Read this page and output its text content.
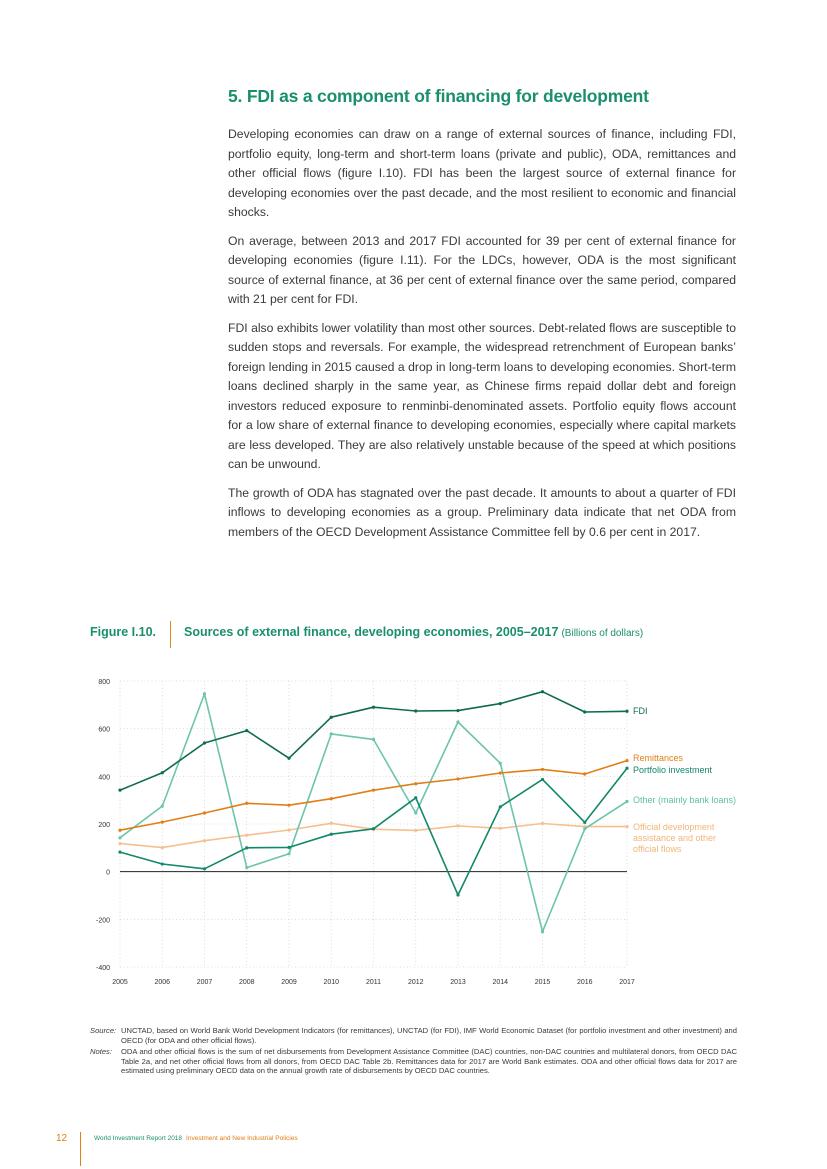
5. FDI as a component of financing for development

Developing economies can draw on a range of external sources of finance, including FDI, portfolio equity, long-term and short-term loans (private and public), ODA, remittances and other official flows (figure I.10). FDI has been the largest source of external finance for developing economies over the past decade, and the most resilient to economic and financial shocks.

On average, between 2013 and 2017 FDI accounted for 39 per cent of external finance for developing economies (figure I.11). For the LDCs, however, ODA is the most significant source of external finance, at 36 per cent of external finance over the same period, compared with 21 per cent for FDI.

FDI also exhibits lower volatility than most other sources. Debt-related flows are susceptible to sudden stops and reversals. For example, the widespread retrenchment of European banks’ foreign lending in 2015 caused a drop in long-term loans to developing economies. Short-term loans declined sharply in the same year, as Chinese firms repaid dollar debt and foreign investors reduced exposure to renminbi-denominated assets. Portfolio equity flows account for a low share of external finance to developing economies, especially where capital markets are less developed. They are also relatively unstable because of the speed at which positions can be unwound.

The growth of ODA has stagnated over the past decade. It amounts to about a quarter of FDI inflows to developing economies as a group. Preliminary data indicate that net ODA from members of the OECD Development Assistance Committee fell by 0.6 per cent in 2017.

Figure I.10. Sources of external finance, developing economies, 2005–2017 (Billions of dollars)
800
600
400
200
0
-200
-400
2005	2006	2007	2008	2009	2010	2011	2012	2013	2014	2015	2016	2017
FDI
Remittances
Portfolio investment
Other (mainly bank loans)
Official development assistance and other official flows
Source: UNCTAD, based on World Bank World Development Indicators (for remittances), UNCTAD (for FDI), IMF World Economic Dataset (for portfolio investment and other investment) and OECD (for ODA and other official flows).
Notes:	ODA and other official flows is the sum of net disbursements from Development Assistance Committee (DAC) countries, non-DAC countries and multilateral donors, from OECD DAC Table 2a, and net other official flows from all donors, from OECD DAC Table 2b. Remittances data for 2017 are World Bank estimates. ODA and other official flows data for 2017 are estimated using preliminary OECD data on the annual growth rate of disbursements by OECD DAC countries.
12	World Investment Report 2018 Investment and New Industrial Policies
